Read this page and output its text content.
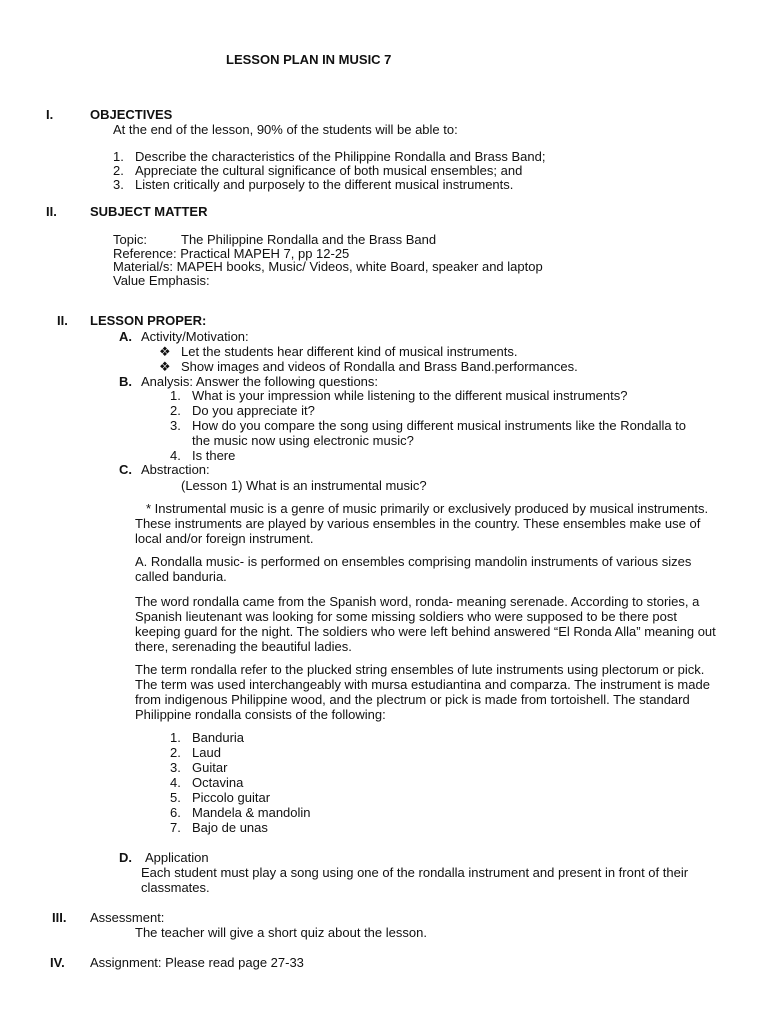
LESSON PLAN IN MUSIC 7
I.	OBJECTIVES
At the end of the lesson, 90% of the students will be able to:
1. Describe the characteristics of the Philippine Rondalla and Brass Band;
2. Appreciate the cultural significance of both musical ensembles; and
3. Listen critically and purposely to the different musical instruments.
II.	SUBJECT MATTER
Topic:	The Philippine Rondalla and the Brass Band
Reference: Practical MAPEH 7, pp 12-25
Material/s: MAPEH books, Music/ Videos, white Board, speaker and laptop
Value Emphasis:
II. LESSON PROPER:
A. Activity/Motivation:
❖ Let the students hear different kind of musical instruments.
❖ Show images and videos of Rondalla and Brass Band.performances.
B. Analysis: Answer the following questions:
1. What is your impression while listening to the different musical instruments?
2. Do you appreciate it?
3. How do you compare the song using different musical instruments like the Rondalla to
the music now using electronic music?
4. Is there
C. Abstraction:
(Lesson 1) What is an instrumental music?
* Instrumental music is a genre of music primarily or exclusively produced by musical instruments. These instruments are played by various ensembles in the country. These ensembles make use of local and/or foreign instrument.
A. Rondalla music- is performed on ensembles comprising mandolin instruments of various sizes called banduria.
The word rondalla came from the Spanish word, ronda- meaning serenade. According to stories, a Spanish lieutenant was looking for some missing soldiers who were supposed to be there post keeping guard for the night. The soldiers who were left behind answered “El Ronda Alla” meaning out there, serenading the beautiful ladies.
The term rondalla refer to the plucked string ensembles of lute instruments using plectorum or pick. The term was used interchangeably with mursa estudiantina and comparza. The instrument is made from indigenous Philippine wood, and the plectrum or pick is made from tortoishell. The standard Philippine rondalla consists of the following:
1. Banduria
2. Laud
3. Guitar
4. Octavina
5. Piccolo guitar
6. Mandela & mandolin
7. Bajo de unas
D. Application
Each student must play a song using one of the rondalla instrument and present in front of their classmates.
III. Assessment:
The teacher will give a short quiz about the lesson.
IV. Assignment: Please read page 27-33
